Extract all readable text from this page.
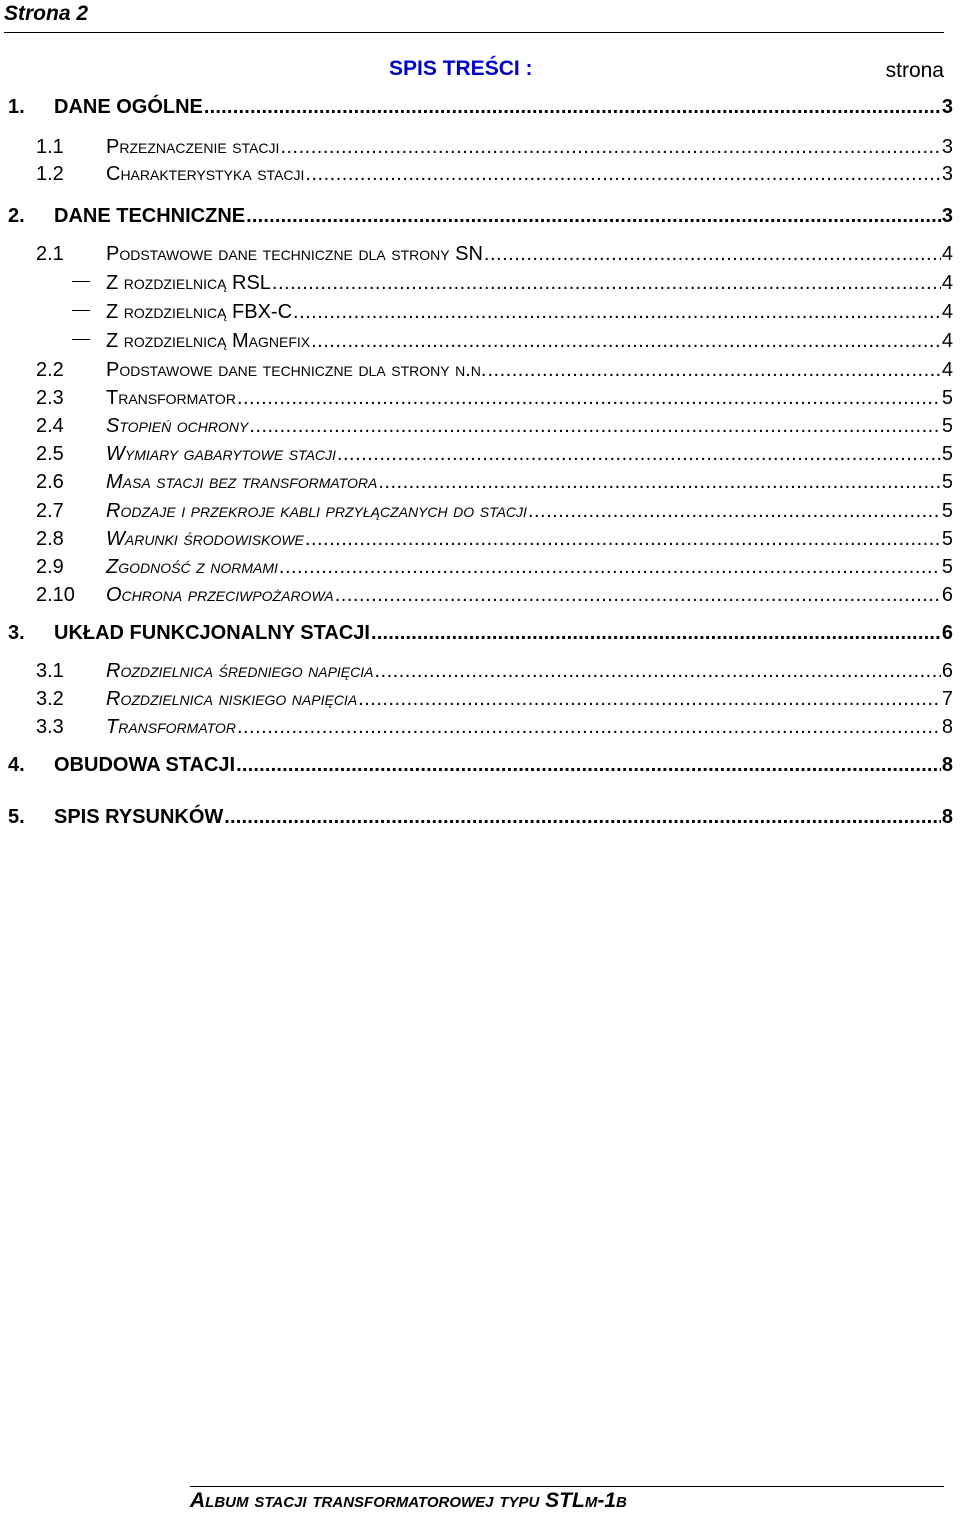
Strona 2
SPIS TREŚCI :	strona
1.	DANE OGÓLNE .....	3
1.1	Przeznaczenie stacji .....	3
1.2	Charakterystyka stacji .....	3
2.	DANE TECHNICZNE .....	3
2.1	Podstawowe dane techniczne dla strony SN .....	4
Z rozdzielnicą RSL .....	4
Z rozdzielnicą FBX-C .....	4
Z rozdzielnicą Magnefix .....	4
2.2	Podstawowe dane techniczne dla strony n.n. .....	4
2.3	Transformator .....	5
2.4	Stopień ochrony .....	5
2.5	Wymiary gabarytowe stacji .....	5
2.6	Masa stacji bez transformatora .....	5
2.7	Rodzaje i przekroje kabli przyłączanych do stacji .....	5
2.8	Warunki środowiskowe .....	5
2.9	Zgodność z normami .....	5
2.10	Ochrona przeciwpożarowa .....	6
3.	UKŁAD FUNKCJONALNY STACJI .....	6
3.1	Rozdzielnica średniego napięcia .....	6
3.2	Rozdzielnica niskiego napięcia .....	7
3.3	Transformator .....	8
4.	OBUDOWA STACJI .....	8
5.	SPIS RYSUNKÓW .....	8
Album stacji transformatorowej typu STLm-1b
